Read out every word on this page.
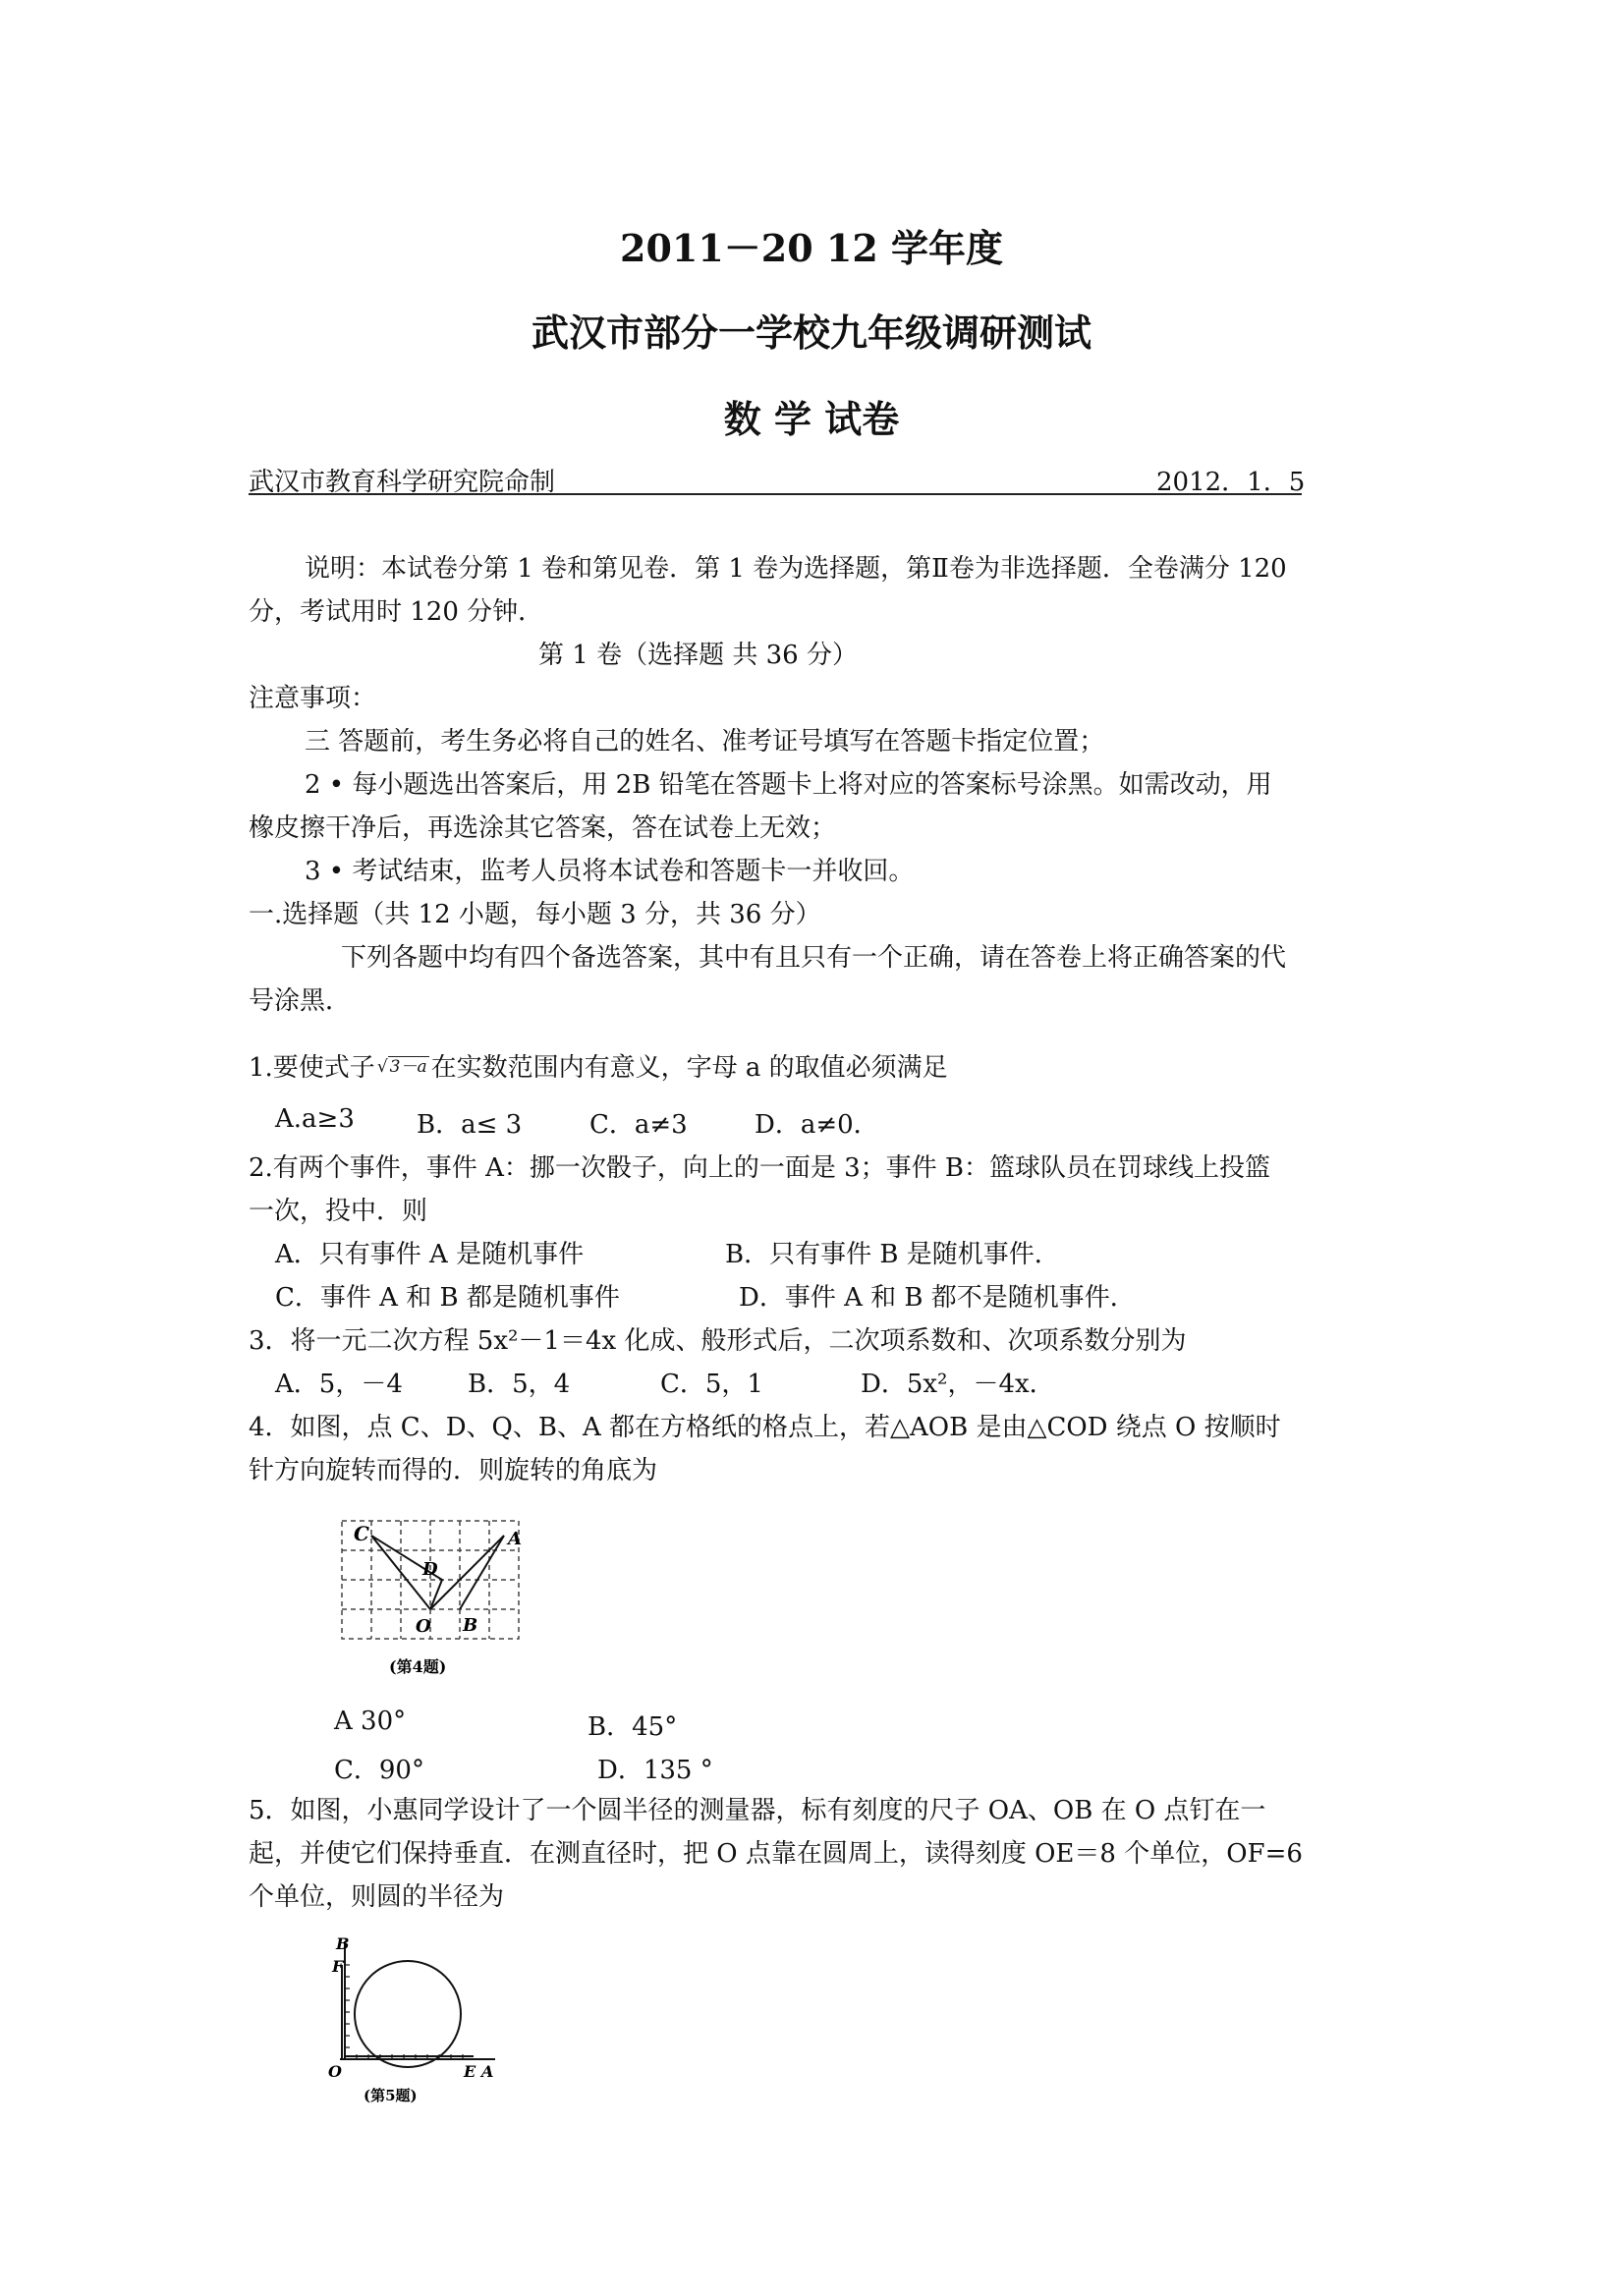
2011－20 12 学年度
武汉市部分一学校九年级调研测试
数 学 试卷
武汉市教育科学研究院命制	2012．1．5
说明：本试卷分第 1 卷和第见卷．第 1 卷为选择题，第Ⅱ卷为非选择题．全卷满分 120
分，考试用时 120 分钟．
第 1 卷（选择题 共 36 分）
注意事项：
三 答题前，考生务必将自己的姓名、准考证号填写在答题卡指定位置；
2 • 每小题选出答案后，用 2B 铅笔在答题卡上将对应的答案标号涂黑。如需改动，用
橡皮擦干净后，再选涂其它答案，答在试卷上无效；
3 • 考试结束，监考人员将本试卷和答题卡一并收回。
一.选择题（共 12 小题，每小题 3 分，共 36 分）
下列各题中均有四个备选答案，其中有且只有一个正确，请在答卷上将正确答案的代
号涂黑．
1.要使式子 √ 3－a 在实数范围内有意义，字母 a 的取值必须满足
A.a≥3 B．a≤ 3	C．a≠3	D．a≠0．
2.有两个事件，事件 A：挪一次骰子，向上的一面是 3；事件 B：篮球队员在罚球线上投篮
一次，投中．则
A．只有事件 A 是随机事件	B．只有事件 B 是随机事件．
C．事件 A 和 B 都是随机事件	D．事件 A 和 B 都不是随机事件．
3．将一元二次方程 5x²－1＝4x 化成、般形式后，二次项系数和、次项系数分别为
A．5，－4	B．5，4	C．5，1	D．5x²，－4x．
4．如图，点 C、D、Q、B、A 都在方格纸的格点上，若△AOB 是由△COD 绕点 O 按顺时
针方向旋转而得的．则旋转的角底为
C
D
A
O B
(第4题)
A 30°	B．45°
C．90°	D．135 °
5．如图，小惠同学设计了一个圆半径的测量器，标有刻度的尺子 OA、OB 在 O 点钉在一
起，并使它们保持垂直．在测直径时，把 O 点靠在圆周上，读得刻度 OE＝8 个单位，OF=6
个单位，则圆的半径为
B
F
O	E A
(第5题)
